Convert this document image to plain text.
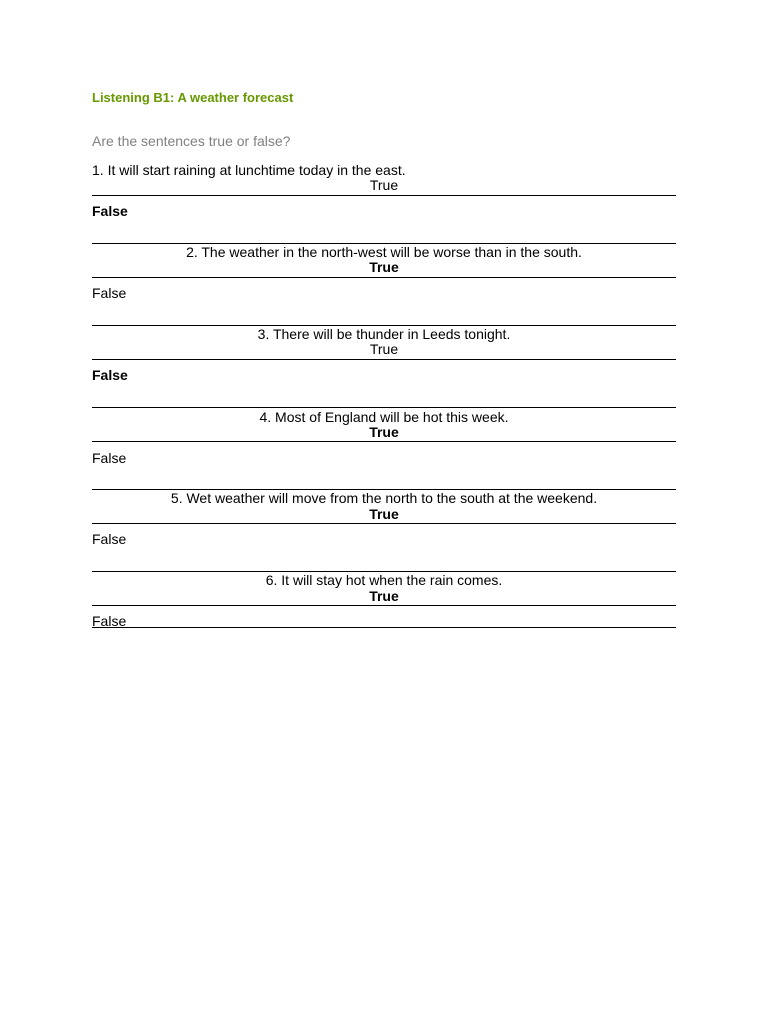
Listening B1: A weather forecast
Are the sentences true or false?
1. It will start raining at lunchtime today in the east.
True
False
2. The weather in the north-west will be worse than in the south.
True
False
3. There will be thunder in Leeds tonight.
True
False
4. Most of England will be hot this week.
True
False
5. Wet weather will move from the north to the south at the weekend.
True
False
6. It will stay hot when the rain comes.
True
False
